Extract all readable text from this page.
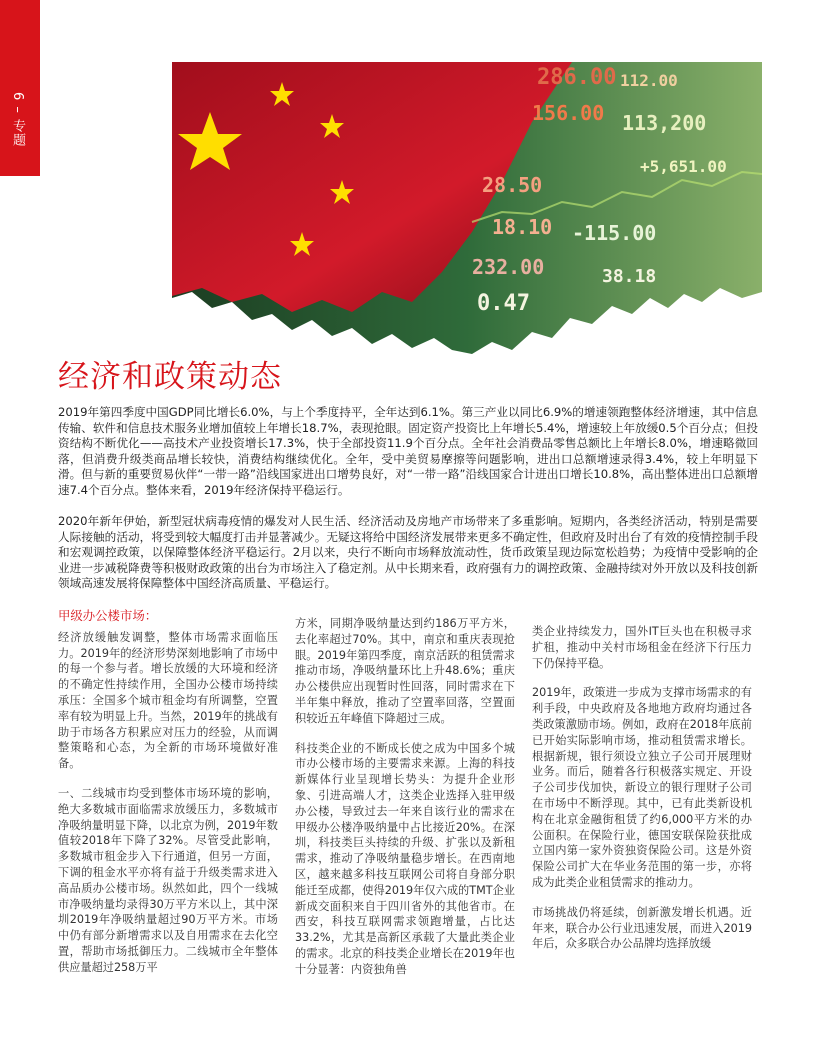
6 – 专题
286.00
156.00
28.50
18.10
232.00
0.47
113,200
-115.00
+5,651.00
112.00
38.18
经济和政策动态

2019年第四季度中国GDP同比增长6.0%，与上个季度持平，全年达到6.1%。第三产业以同比6.9%的增速领跑整体经济增速，其中信息传输、软件和信息技术服务业增加值较上年增长18.7%，表现抢眼。固定资产投资比上年增长5.4%，增速较上年放缓0.5个百分点；但投资结构不断优化——高技术产业投资增长17.3%，快于全部投资11.9个百分点。全年社会消费品零售总额比上年增长8.0%，增速略微回落，但消费升级类商品增长较快，消费结构继续优化。全年，受中美贸易摩擦等问题影响，进出口总额增速录得3.4%，较上年明显下滑。但与新的重要贸易伙伴“一带一路”沿线国家进出口增势良好，对“一带一路”沿线国家合计进出口增长10.8%，高出整体进出口总额增速7.4个百分点。整体来看，2019年经济保持平稳运行。

2020年新年伊始，新型冠状病毒疫情的爆发对人民生活、经济活动及房地产市场带来了多重影响。短期内，各类经济活动，特别是需要人际接触的活动，将受到较大幅度打击并显著减少。无疑这将给中国经济发展带来更多不确定性，但政府及时出台了有效的疫情控制手段和宏观调控政策，以保障整体经济平稳运行。2月以来，央行不断向市场释放流动性，货币政策呈现边际宽松趋势；为疫情中受影响的企业进一步减税降费等积极财政政策的出台为市场注入了稳定剂。从中长期来看，政府强有力的调控政策、金融持续对外开放以及科技创新领域高速发展将保障整体中国经济高质量、平稳运行。

甲级办公楼市场：

经济放缓触发调整，整体市场需求面临压力。2019年的经济形势深刻地影响了市场中的每一个参与者。增长放缓的大环境和经济的不确定性持续作用，全国办公楼市场持续承压：全国多个城市租金均有所调整，空置率有较为明显上升。当然，2019年的挑战有助于市场各方积累应对压力的经验，从而调整策略和心态，为全新的市场环境做好准备。

一、二线城市均受到整体市场环境的影响，绝大多数城市面临需求放缓压力，多数城市净吸纳量明显下降，以北京为例，2019年数值较2018年下降了32%。尽管受此影响，多数城市租金步入下行通道，但另一方面，下调的租金水平亦将有益于升级类需求进入高品质办公楼市场。纵然如此，四个一线城市净吸纳量均录得30万平方米以上，其中深圳2019年净吸纳量超过90万平方米。市场中仍有部分新增需求以及自用需求在去化空置，帮助市场抵御压力。二线城市全年整体供应量超过258万平

方米，同期净吸纳量达到约186万平方米，去化率超过70%。其中，南京和重庆表现抢眼。2019年第四季度，南京活跃的租赁需求推动市场，净吸纳量环比上升48.6%；重庆办公楼供应出现暂时性回落，同时需求在下半年集中释放，推动了空置率回落，空置面积较近五年峰值下降超过三成。

科技类企业的不断成长使之成为中国多个城市办公楼市场的主要需求来源。上海的科技新媒体行业呈现增长势头：为提升企业形象、引进高端人才，这类企业选择入驻甲级办公楼，导致过去一年来自该行业的需求在甲级办公楼净吸纳量中占比接近20%。在深圳，科技类巨头持续的升级、扩张以及新租需求，推动了净吸纳量稳步增长。在西南地区，越来越多科技互联网公司将自身部分职能迁至成都，使得2019年仅六成的TMT企业新成交面积来自于四川省外的其他省市。在西安，科技互联网需求领跑增量，占比达33.2%，尤其是高新区承载了大量此类企业的需求。北京的科技类企业增长在2019年也十分显著：内资独角兽

类企业持续发力，国外IT巨头也在积极寻求扩租，推动中关村市场租金在经济下行压力下仍保持平稳。

2019年，政策进一步成为支撑市场需求的有利手段，中央政府及各地地方政府均通过各类政策激励市场。例如，政府在2018年底前已开始实际影响市场，推动租赁需求增长。根据新规，银行须设立独立子公司开展理财业务。而后，随着各行积极落实规定、开设子公司步伐加快，新设立的银行理财子公司在市场中不断浮现。其中，已有此类新设机构在北京金融街租赁了约6,000平方米的办公面积。在保险行业，德国安联保险获批成立国内第一家外资独资保险公司。这是外资保险公司扩大在华业务范围的第一步，亦将成为此类企业租赁需求的推动力。

市场挑战仍将延续，创新激发增长机遇。近年来，联合办公行业迅速发展，而进入2019年后，众多联合办公品牌均选择放缓
